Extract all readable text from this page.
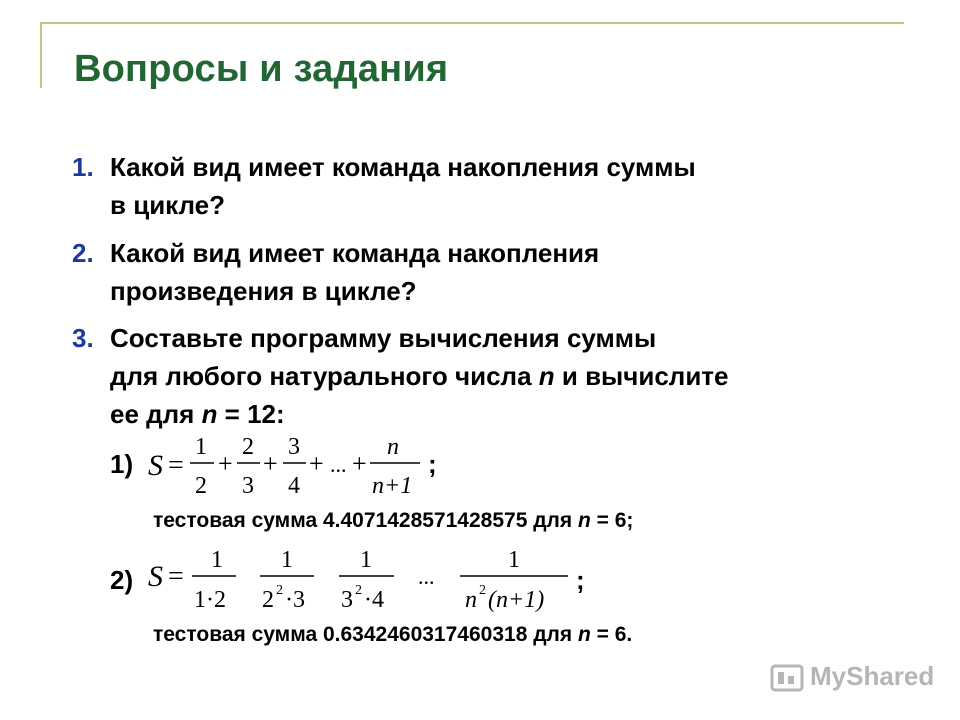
Вопросы и задания
1. Какой вид имеет команда накопления суммы
в цикле?
2. Какой вид имеет команда накопления
произведения в цикле?
3. Составьте программу вычисления суммы
для любого натурального числа n и вычислите
ее для n = 12:
1) S =
1
2
+
2
3
+
3
4
+ ... +
n
n+1
;
тестовая сумма 4.4071428571428575 для n = 6;
2) S =
1
1·2
1
2 2 ·3
1
3 2 ·4
...
1
n 2 (n+1)
;
тестовая сумма 0.6342460317460318 для n = 6.
MyShared
